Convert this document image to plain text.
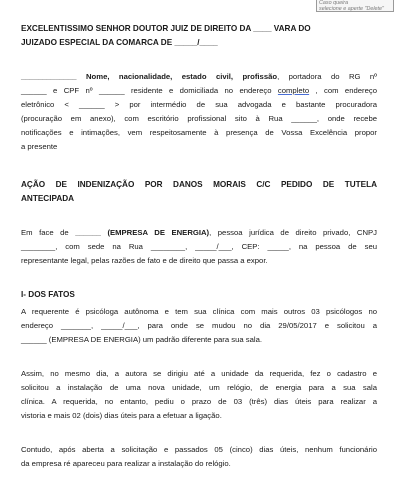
Caso queira
selecione e aperte "Delete"
EXCELENTISSIMO SENHOR DOUTOR JUIZ DE DIREITO DA ____ VARA DO
JUIZADO ESPECIAL DA COMARCA DE _____/____
_____________ Nome, nacionalidade, estado civil, profissão, portadora do RG nº
______ e CPF nº ______ residente e domiciliada no endereço completo , com endereço
eletrônico < ______ > por intermédio de sua advogada e bastante procuradora
(procuração em anexo), com escritório profissional sito à Rua ______, onde recebe
notificações e intimações, vem respeitosamente à presença de Vossa Excelência propor
a presente
AÇÃO DE INDENIZAÇÃO POR DANOS MORAIS C/C PEDIDO DE TUTELA
ANTECIPADA
Em face de ______ (EMPRESA DE ENERGIA), pessoa jurídica de direito privado, CNPJ
________, com sede na Rua ________, _____/___, CEP: _____, na pessoa de seu
representante legal, pelas razões de fato e de direito que passa a expor.
I- DOS FATOS
A requerente é psicóloga autônoma e tem sua clínica com mais outros 03 psicólogos no
endereço _______, _____/___, para onde se mudou no dia 29/05/2017 e solicitou a
______ (EMPRESA DE ENERGIA) um padrão diferente para sua sala.
Assim, no mesmo dia, a autora se dirigiu até a unidade da requerida, fez o cadastro e
solicitou a instalação de uma nova unidade, um relógio, de energia para a sua sala
clínica. A requerida, no entanto, pediu o prazo de 03 (três) dias úteis para realizar a
vistoria e mais 02 (dois) dias úteis para a efetuar a ligação.
Contudo, após aberta a solicitação e passados 05 (cinco) dias úteis, nenhum funcionário
da empresa ré apareceu para realizar a instalação do relógio.
